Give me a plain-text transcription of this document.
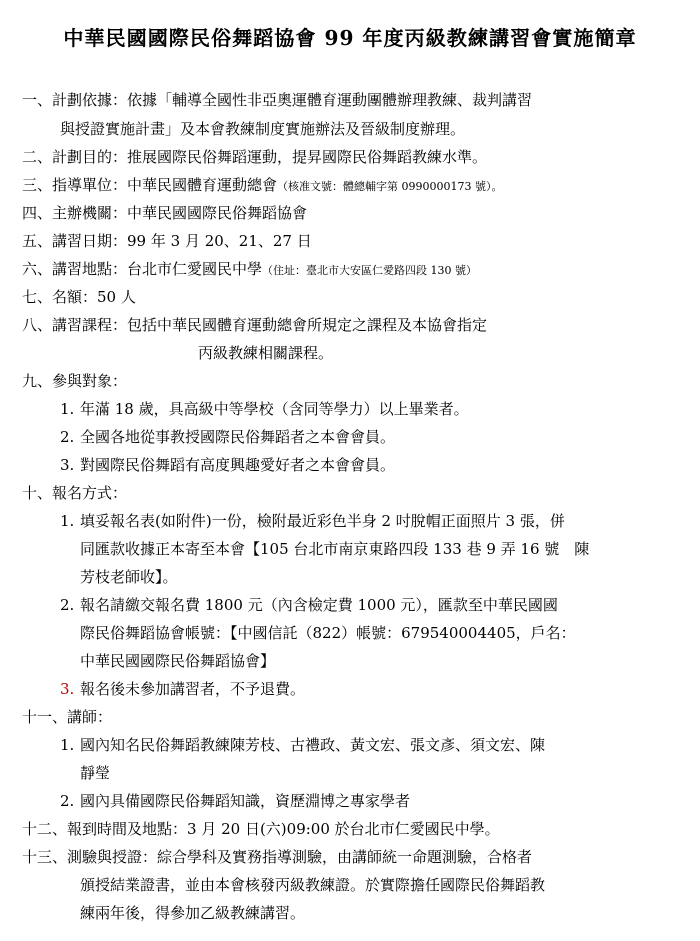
中華民國國際民俗舞蹈協會 99 年度丙級教練講習會實施簡章
一、計劃依據：依據「輔導全國性非亞奧運體育運動團體辦理教練、裁判講習
與授證實施計畫」及本會教練制度實施辦法及晉級制度辦理。
二、計劃目的：推展國際民俗舞蹈運動，提昇國際民俗舞蹈教練水準。
三、指導單位：中華民國體育運動總會（核准文號：體總輔字第 0990000173 號）。
四、主辦機關：中華民國國際民俗舞蹈協會
五、講習日期：99 年 3 月 20、21、27 日
六、講習地點：台北市仁愛國民中學（住址：臺北市大安區仁愛路四段 130 號）
七、名額：50 人
八、講習課程：包括中華民國體育運動總會所規定之課程及本協會指定
丙級教練相關課程。
九、參與對象：
1. 年滿 18 歲，具高級中等學校（含同等學力）以上畢業者。
2. 全國各地從事教授國際民俗舞蹈者之本會會員。
3. 對國際民俗舞蹈有高度興趣愛好者之本會會員。
十、報名方式：
1. 填妥報名表(如附件)一份，檢附最近彩色半身 2 吋脫帽正面照片 3 張，併
同匯款收據正本寄至本會【105 台北市南京東路四段 133 巷 9 弄 16 號　陳
芳枝老師收】。
2. 報名請繳交報名費 1800 元（內含檢定費 1000 元），匯款至中華民國國
際民俗舞蹈協會帳號：【中國信託（822）帳號：679540004405，戶名：
中華民國國際民俗舞蹈協會】
3. 報名後未參加講習者，不予退費。
十一、講師：
1. 國內知名民俗舞蹈教練陳芳枝、古禮政、黃文宏、張文彥、須文宏、陳
靜瑩
2. 國內具備國際民俗舞蹈知識，資歷淵博之專家學者
十二、報到時間及地點：3 月 20 日(六)09:00 於台北市仁愛國民中學。
十三、測驗與授證：綜合學科及實務指導測驗，由講師統一命題測驗，合格者
頒授結業證書，並由本會核發丙級教練證。於實際擔任國際民俗舞蹈教
練兩年後，得參加乙級教練講習。
